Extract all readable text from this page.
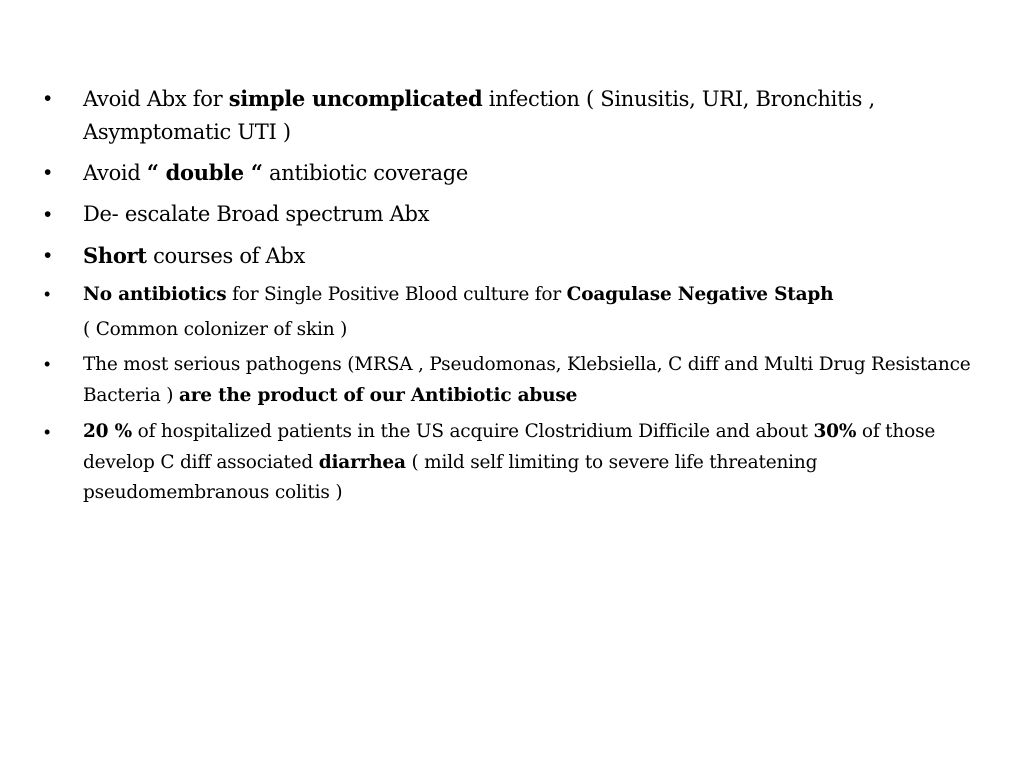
• Avoid Abx for simple uncomplicated infection ( Sinusitis, URI, Bronchitis , Asymptomatic UTI )
• Avoid “ double “ antibiotic coverage
• De- escalate Broad spectrum Abx
• Short courses of Abx
• No antibiotics for Single Positive Blood culture for Coagulase Negative Staph
( Common colonizer of skin )
• The most serious pathogens (MRSA , Pseudomonas, Klebsiella, C diff and Multi Drug Resistance Bacteria ) are the product of our Antibiotic abuse
• 20 % of hospitalized patients in the US acquire Clostridium Difficile and about 30% of those develop C diff associated diarrhea ( mild self limiting to severe life threatening pseudomembranous colitis )
